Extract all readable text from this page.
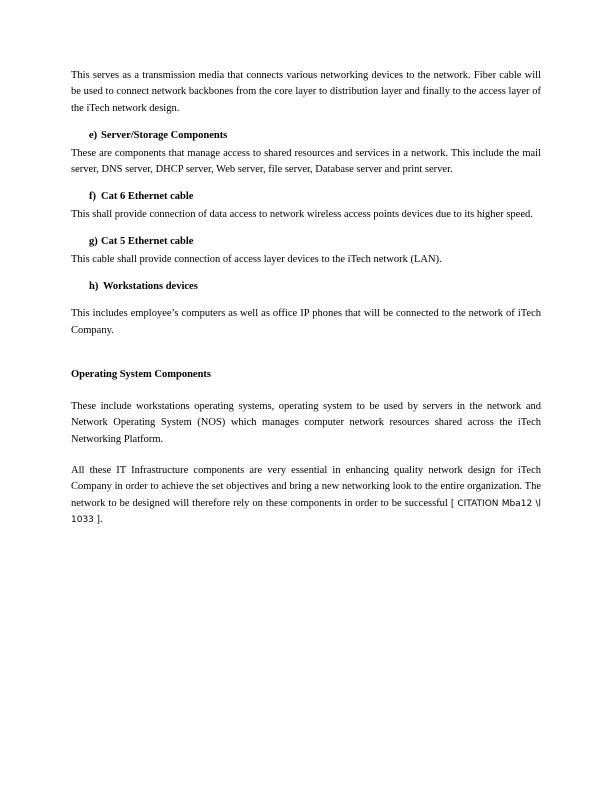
This serves as a transmission media that connects various networking devices to the network. Fiber cable will be used to connect network backbones from the core layer to distribution layer and finally to the access layer of the iTech network design.

e) Server/Storage Components

These are components that manage access to shared resources and services in a network. This include the mail server, DNS server, DHCP server, Web server, file server, Database server and print server.

f) Cat 6 Ethernet cable

This shall provide connection of data access to network wireless access points devices due to its higher speed.

g) Cat 5 Ethernet cable

This cable shall provide connection of access layer devices to the iTech network (LAN).

h) Workstations devices

This includes employee’s computers as well as office IP phones that will be connected to the network of iTech Company.

Operating System Components

These include workstations operating systems, operating system to be used by servers in the network and Network Operating System (NOS) which manages computer network resources shared across the iTech Networking Platform.

All these IT Infrastructure components are very essential in enhancing quality network design for iTech Company in order to achieve the set objectives and bring a new networking look to the entire organization. The network to be designed will therefore rely on these components in order to be successful [ CITATION Mba12 \l 1033 ].
